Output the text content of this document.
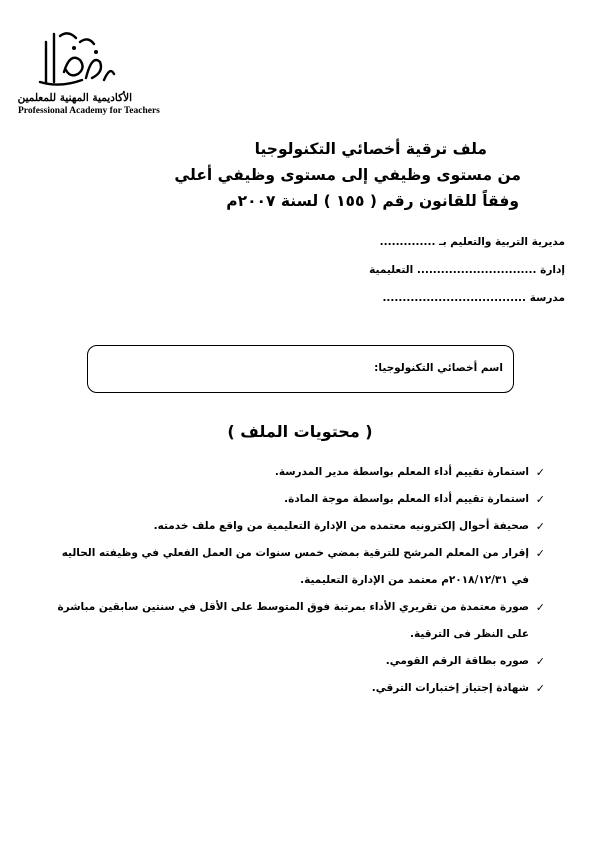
الأكاديمية المهنية للمعلمين
Professional Academy for Teachers
ملف ترقية أخصائي التكنولوجيا
من مستوى وظيفي إلى مستوى وظيفي أعلي
وفقاً للقانون رقم ( ١٥٥ ) لسنة ٢٠٠٧م
مديرية التربية والتعليم بـ ..............
إدارة .............................. التعليمية
مدرسة ....................................
اسم أخصائي التكنولوجيا:
( محتويات الملف )
✓
استمارة تقييم أداء المعلم بواسطة مدير المدرسة.
✓
استمارة تقييم أداء المعلم بواسطة موجة المادة.
✓
صحيفة أحوال إلكترونيه معتمده من الإدارة التعليمية من واقع ملف خدمته.
✓
إقرار من المعلم المرشح للترقية بمضي خمس سنوات من العمل الفعلي في وظيفته الحاليه في ٢٠١٨/١٢/٣١م معتمد من الإدارة التعليمية.
✓
صورة معتمدة من تقريري الأداء بمرتبة فوق المتوسط على الأقل في سنتين سابقين مباشرة على النظر فى الترقية.
✓
صوره بطاقة الرقم القومي.
✓
شهادة إجتياز إختبارات الترقي.
